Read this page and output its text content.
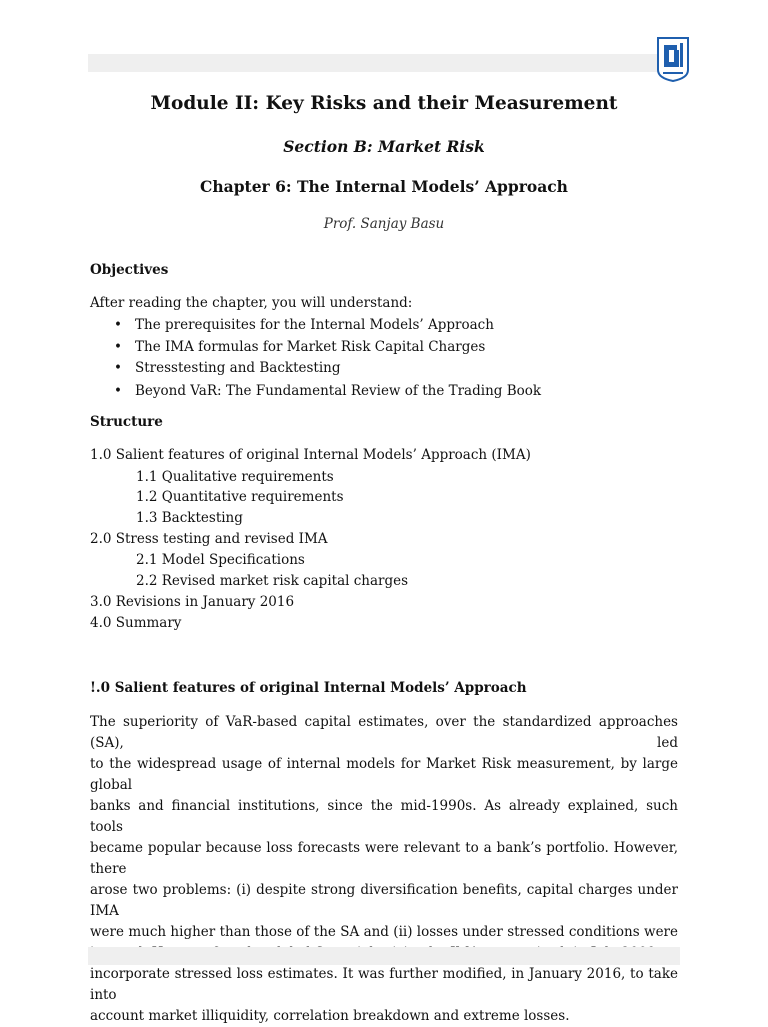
Module II: Key Risks and their Measurement
Section B: Market Risk
Chapter 6: The Internal Models’ Approach
Prof. Sanjay Basu
Objectives
After reading the chapter, you will understand:
• The prerequisites for the Internal Models’ Approach
• The IMA formulas for Market Risk Capital Charges
• Stresstesting and Backtesting
• Beyond VaR: The Fundamental Review of the Trading Book
Structure
1.0 Salient features of original Internal Models’ Approach (IMA)
1.1 Qualitative requirements
1.2 Quantitative requirements
1.3 Backtesting
2.0 Stress testing and revised IMA
2.1 Model Specifications
2.2 Revised market risk capital charges
3.0 Revisions in January 2016
4.0 Summary
!.0 Salient features of original Internal Models’ Approach
The superiority of VaR-based capital estimates, over the standardized approaches (SA), led
to the widespread usage of internal models for Market Risk measurement, by large global
banks and financial institutions, since the mid-1990s. As already explained, such tools
became popular because loss forecasts were relevant to a bank’s portfolio. However, there
arose two problems: (i) despite strong diversification benefits, capital charges under IMA
were much higher than those of the SA and (ii) losses under stressed conditions were
incorporate stressed loss estimates. It was further modified, in January 2016, to take into
account market illiquidity, correlation breakdown and extreme losses.
